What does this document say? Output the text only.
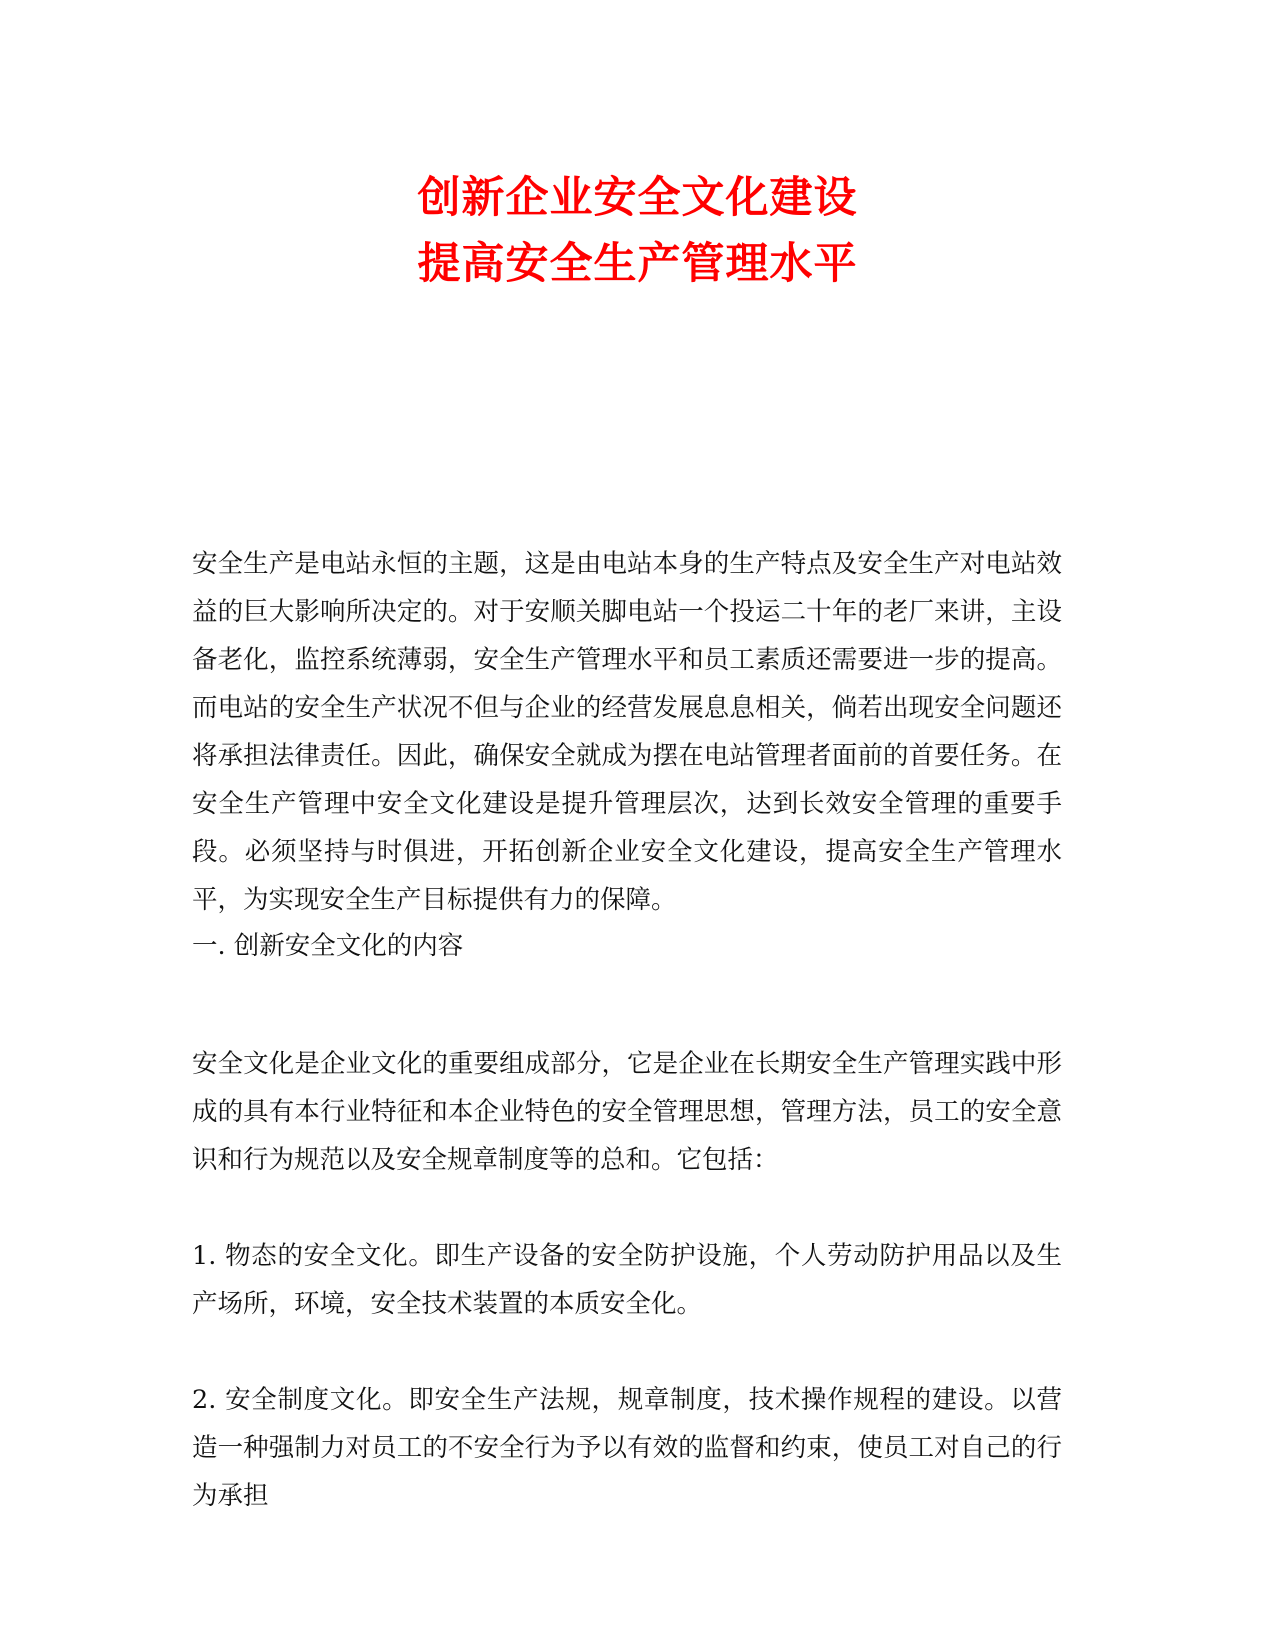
创新企业安全文化建设
提高安全生产管理水平

安全生产是电站永恒的主题，这是由电站本身的生产特点及安全生产对电站效益的巨大影响所决定的。对于安顺关脚电站一个投运二十年的老厂来讲，主设备老化，监控系统薄弱，安全生产管理水平和员工素质还需要进一步的提高。而电站的安全生产状况不但与企业的经营发展息息相关，倘若出现安全问题还将承担法律责任。因此，确保安全就成为摆在电站管理者面前的首要任务。在安全生产管理中安全文化建设是提升管理层次，达到长效安全管理的重要手段。必须坚持与时俱进，开拓创新企业安全文化建设，提高安全生产管理水平，为实现安全生产目标提供有力的保障。

一. 创新安全文化的内容

安全文化是企业文化的重要组成部分，它是企业在长期安全生产管理实践中形成的具有本行业特征和本企业特色的安全管理思想，管理方法，员工的安全意识和行为规范以及安全规章制度等的总和。它包括：

1. 物态的安全文化。即生产设备的安全防护设施，个人劳动防护用品以及生产场所，环境，安全技术装置的本质安全化。

2. 安全制度文化。即安全生产法规，规章制度，技术操作规程的建设。以营造一种强制力对员工的不安全行为予以有效的监督和约束，使员工对自己的行为承担
